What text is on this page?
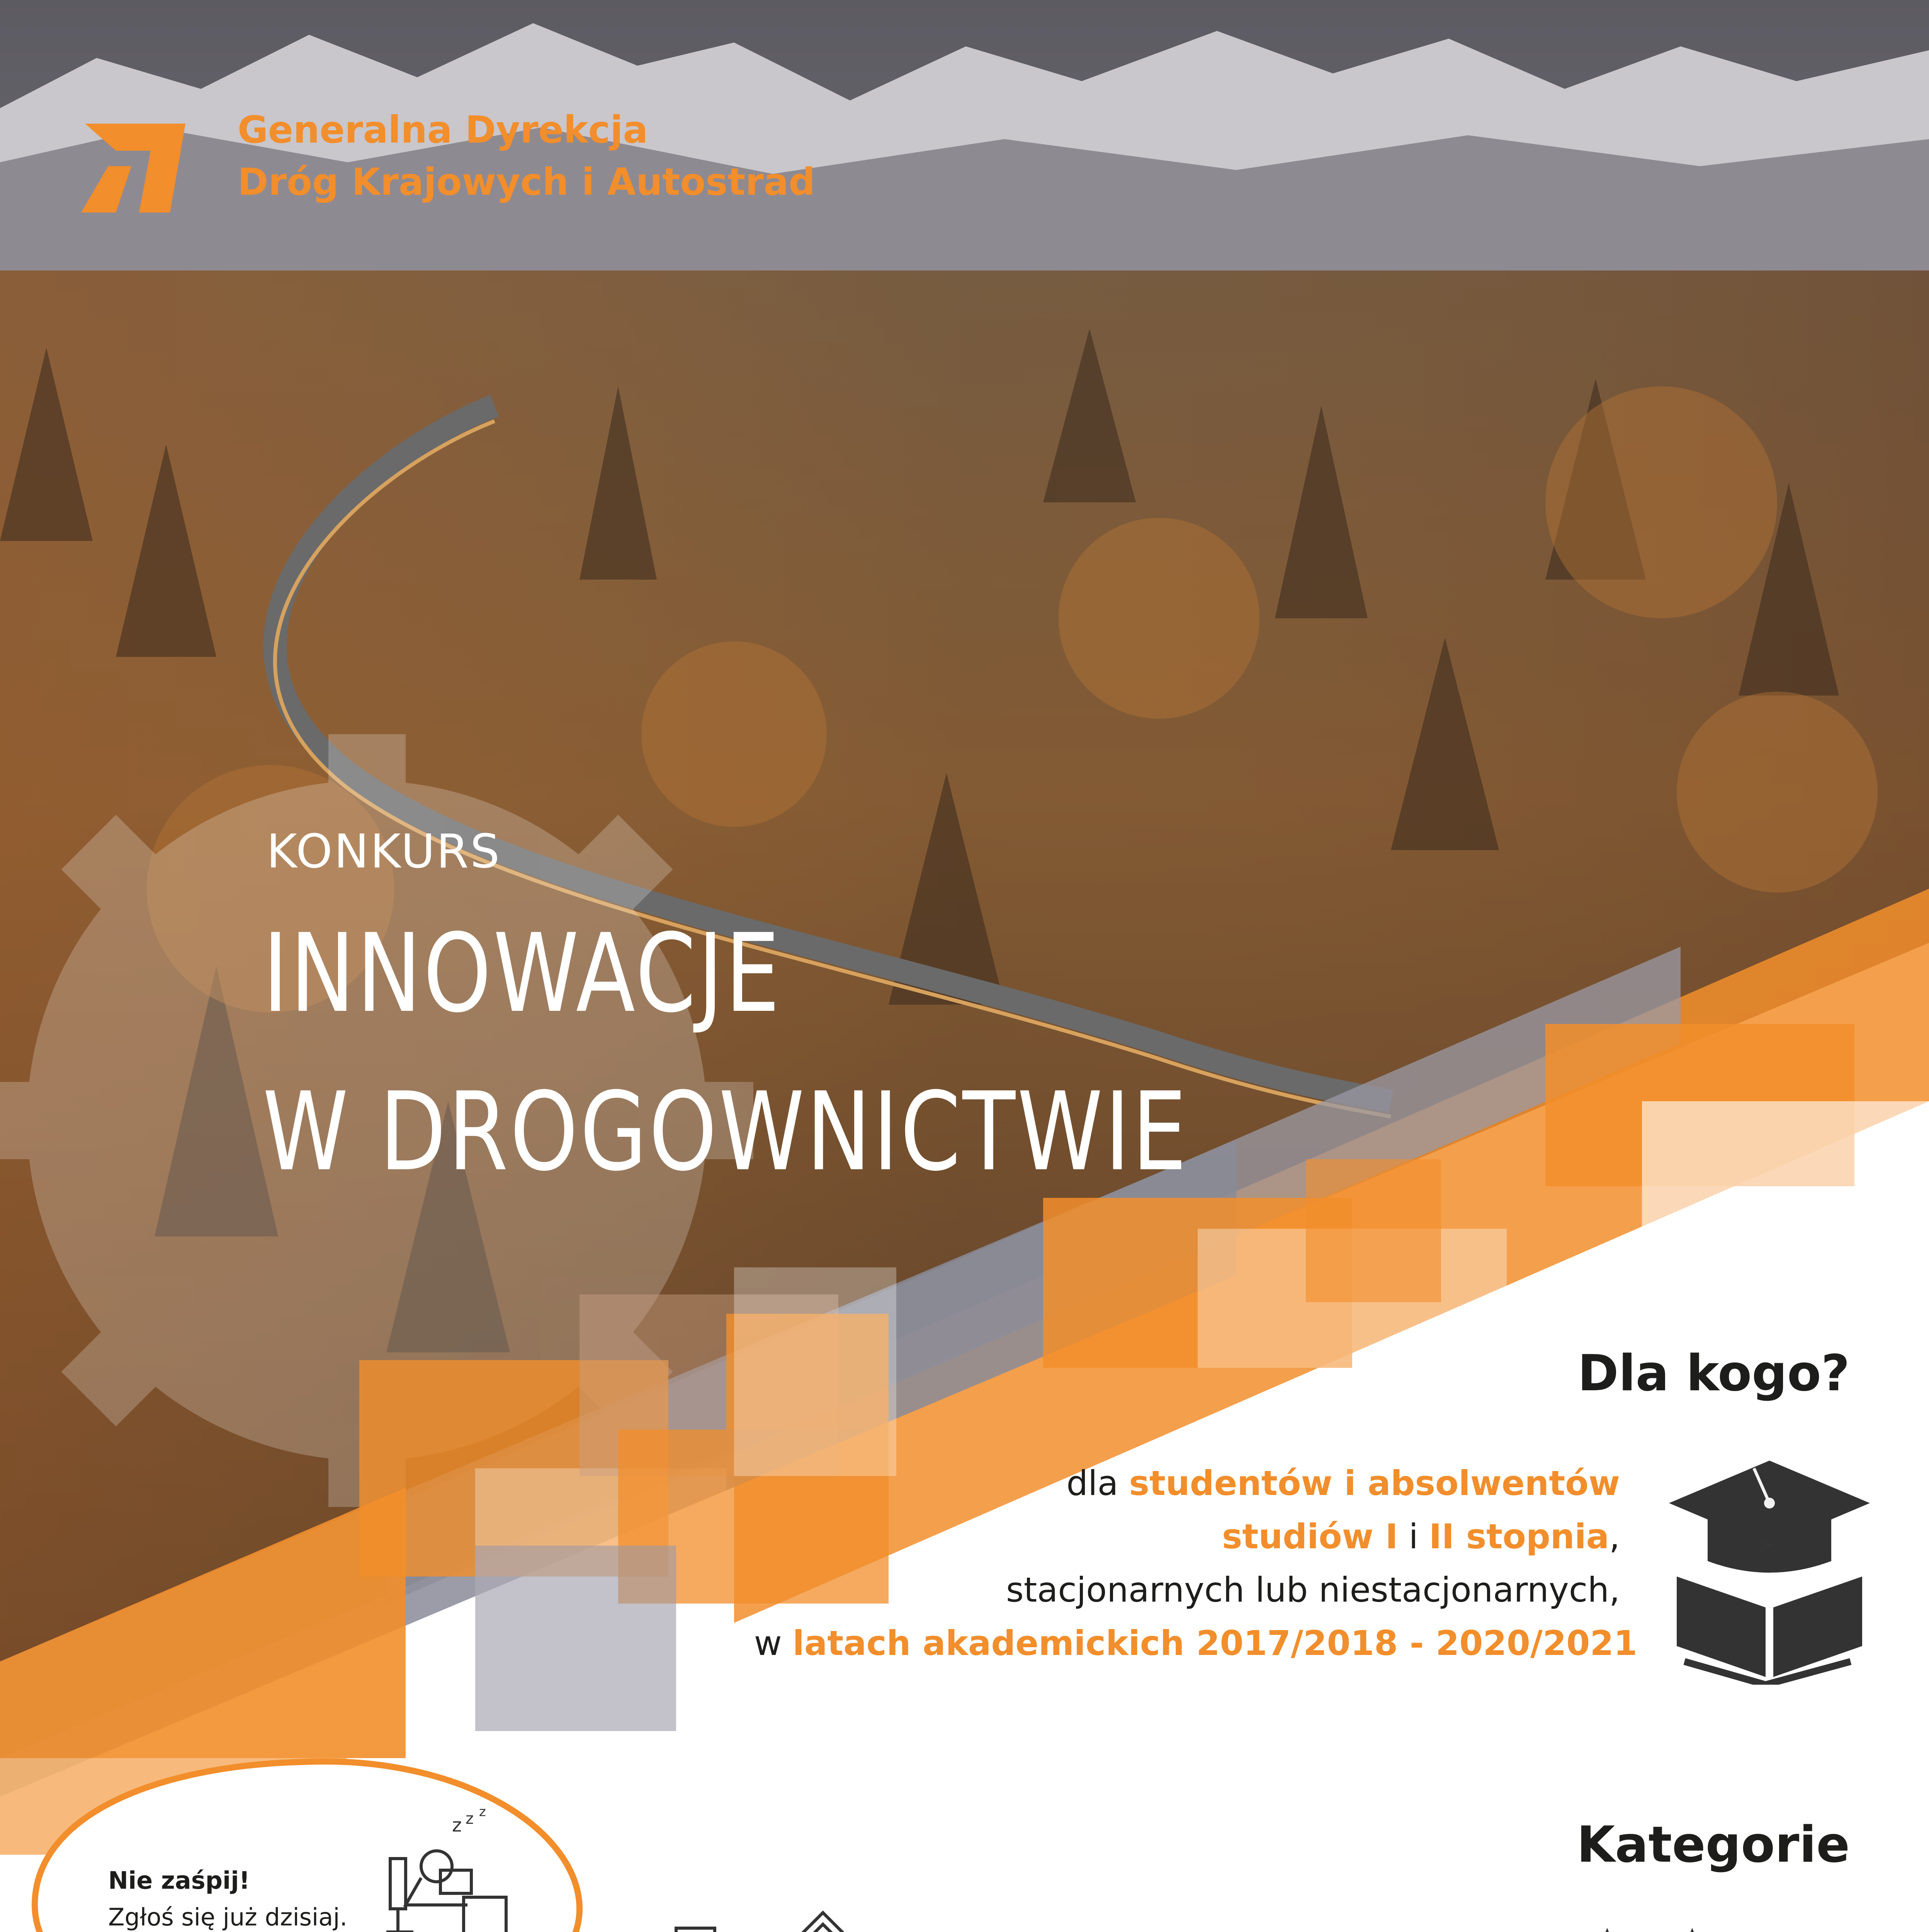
Generalna Dyrekcja
Dróg Krajowych i Autostrad
KONKURS
INNOWACJE
W DROGOWNICTWIE
Dla kogo?
dla studentów i absolwentów
studiów I i II stopnia,
stacjonarnych lub niestacjonarnych,
w latach akademickich 2017/2018 - 2020/2021
Nie zaśpij!
Zgłoś się już dzisiaj.
z z z
Kategorie
